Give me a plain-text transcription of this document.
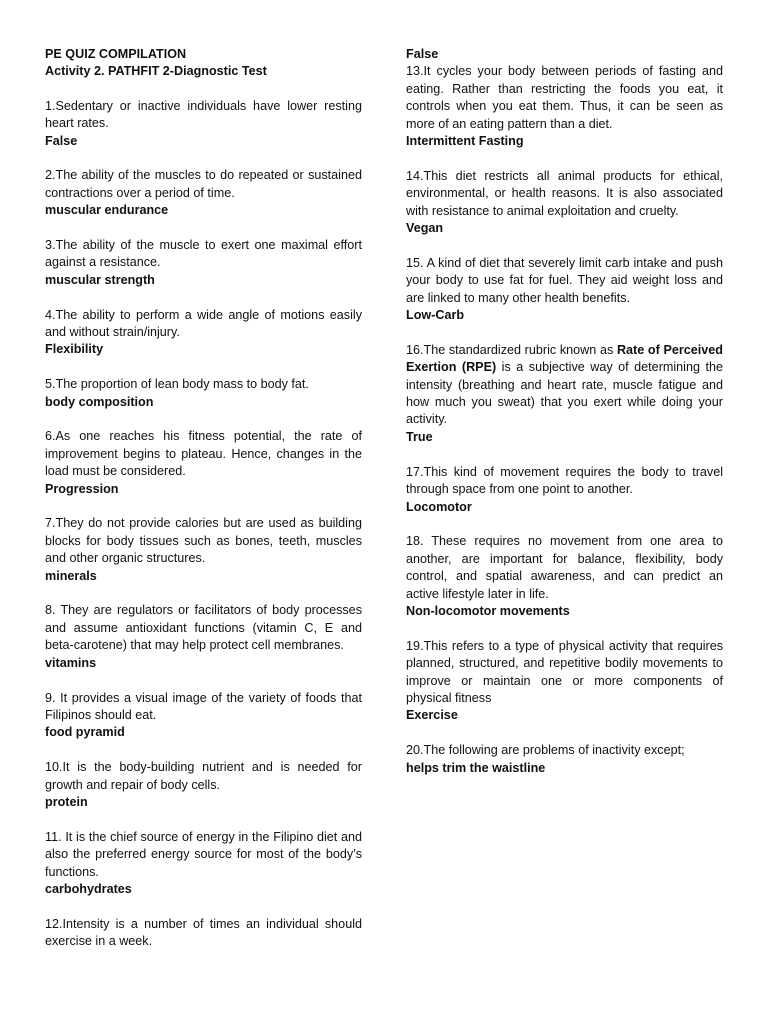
PE QUIZ COMPILATION
Activity 2. PATHFIT 2-Diagnostic Test
1.Sedentary or inactive individuals have lower resting heart rates.
False
2.The ability of the muscles to do repeated or sustained contractions over a period of time.
muscular endurance
3.The ability of the muscle to exert one maximal effort against a resistance.
muscular strength
4.The ability to perform a wide angle of motions easily and without strain/injury.
Flexibility
5.The proportion of lean body mass to body fat.
body composition
6.As one reaches his fitness potential, the rate of improvement begins to plateau. Hence, changes in the load must be considered.
Progression
7.They do not provide calories but are used as building blocks for body tissues such as bones, teeth, muscles and other organic structures.
minerals
8. They are regulators or facilitators of body processes and assume antioxidant functions (vitamin C, E and beta-carotene) that may help protect cell membranes.
vitamins
9. It provides a visual image of the variety of foods that Filipinos should eat.
food pyramid
10.It is the body-building nutrient and is needed for growth and repair of body cells.
protein
11. It is the chief source of energy in the Filipino diet and also the preferred energy source for most of the body’s functions.
carbohydrates
12.Intensity is a number of times an individual should exercise in a week.
False
13.It cycles your body between periods of fasting and eating. Rather than restricting the foods you eat, it controls when you eat them. Thus, it can be seen as more of an eating pattern than a diet.
Intermittent Fasting
14.This diet restricts all animal products for ethical, environmental, or health reasons. It is also associated with resistance to animal exploitation and cruelty.
Vegan
15. A kind of diet that severely limit carb intake and push your body to use fat for fuel. They aid weight loss and are linked to many other health benefits.
Low-Carb
16.The standardized rubric known as Rate of Perceived Exertion (RPE) is a subjective way of determining the intensity (breathing and heart rate, muscle fatigue and how much you sweat) that you exert while doing your activity.
True
17.This kind of movement requires the body to travel through space from one point to another.
Locomotor
18. These requires no movement from one area to another, are important for balance, flexibility, body control, and spatial awareness, and can predict an active lifestyle later in life.
Non-locomotor movements
19.This refers to a type of physical activity that requires planned, structured, and repetitive bodily movements to improve or maintain one or more components of physical fitness
Exercise
20.The following are problems of inactivity except;
helps trim the waistline
